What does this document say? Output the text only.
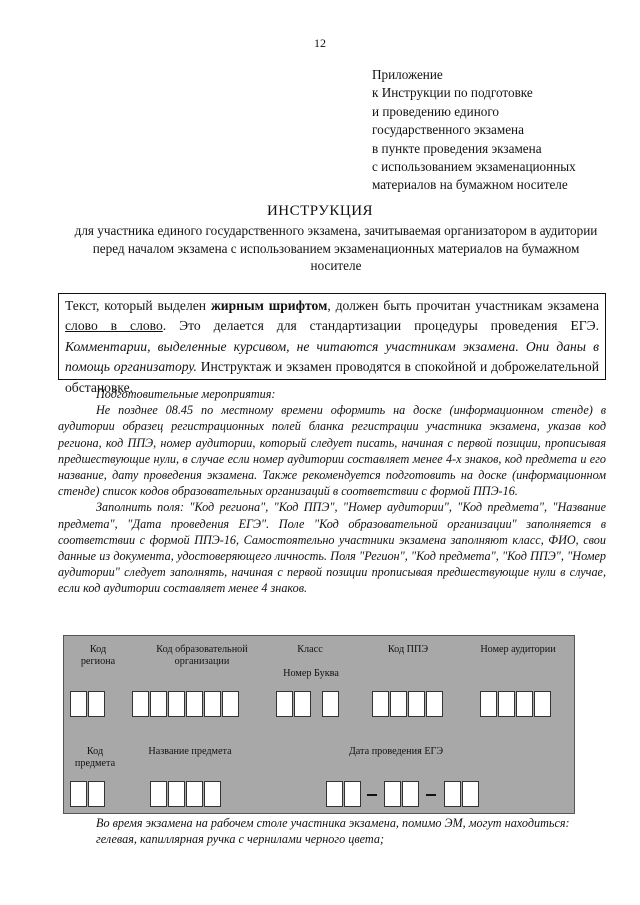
12
Приложение
к Инструкции по подготовке
и проведению единого
государственного экзамена
в пункте проведения экзамена
с использованием экзаменационных
материалов на бумажном носителе
ИНСТРУКЦИЯ
для участника единого государственного экзамена, зачитываемая организатором в аудитории перед началом экзамена с использованием экзаменационных материалов на бумажном носителе
Текст, который выделен жирным шрифтом, должен быть прочитан участникам экзамена слово в слово. Это делается для стандартизации процедуры проведения ЕГЭ. Комментарии, выделенные курсивом, не читаются участникам экзамена. Они даны в помощь организатору. Инструктаж и экзамен проводятся в спокойной и доброжелательной обстановке.

Подготовительные мероприятия:

Не позднее 08.45 по местному времени оформить на доске (информационном стенде) в аудитории образец регистрационных полей бланка регистрации участника экзамена, указав код региона, код ППЭ, номер аудитории, который следует писать, начиная с первой позиции, прописывая предшествующие нули, в случае если номер аудитории составляет менее 4-х знаков, код предмета и его название, дату проведения экзамена. Также рекомендуется подготовить на доске (информационном стенде) список кодов образовательных организаций в соответствии с формой ППЭ-16.

Заполнить поля: "Код региона", "Код ППЭ", "Номер аудитории", "Код предмета", "Название предмета", "Дата проведения ЕГЭ". Поле "Код образовательной организации" заполняется в соответствии с формой ППЭ-16, Самостоятельно участники экзамена заполняют класс, ФИО, свои данные из документа, удостоверяющего личность. Поля "Регион", "Код предмета", "Код ППЭ", "Номер аудитории" следует заполнять, начиная с первой позиции прописывая предшествующие нули в случае, если код аудитории составляет менее 4 знаков.

Код
региона
Код образовательной
организации
Класс
Номер Буква
Код ППЭ	Номер аудитории
Код
предмета
Название предмета	Дата проведения ЕГЭ

Во время экзамена на рабочем столе участника экзамена, помимо ЭМ, могут находиться:

гелевая, капиллярная ручка с чернилами черного цвета;
